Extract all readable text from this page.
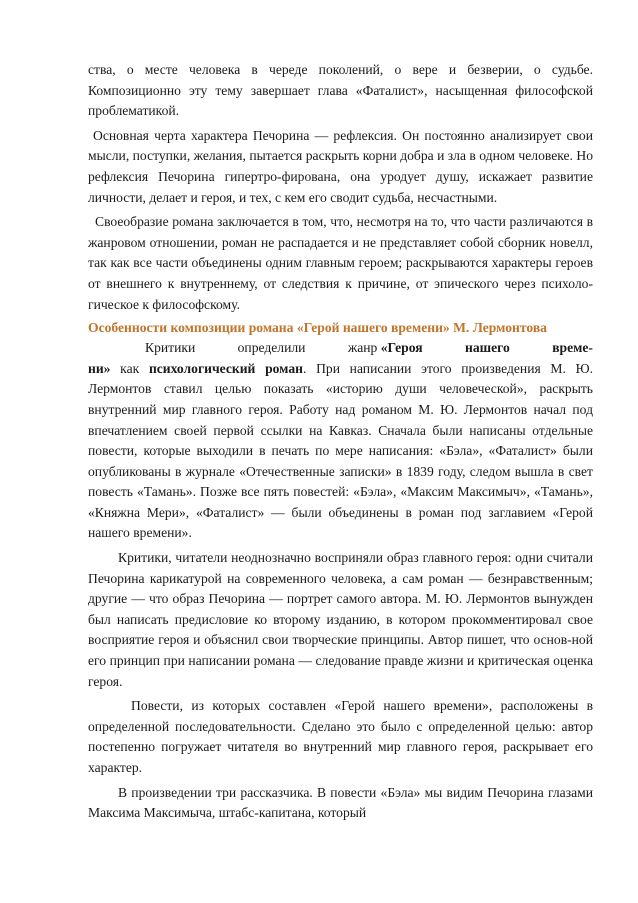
ства, о месте человека в череде поколений, о вере и безверии, о судьбе. Композиционно эту тему завершает глава «Фаталист», насыщенная философской проблематикой.

Основная черта характера Печорина — рефлексия. Он постоянно анализирует свои мысли, поступки, желания, пытается раскрыть корни добра и зла в одном человеке. Но рефлексия Печорина гипертро-фирована, она уродует душу, искажает развитие личности, делает и героя, и тех, с кем его сводит судьба, несчастными.

Своеобразие романа заключается в том, что, несмотря на то, что части различаются в жанровом отношении, роман не распадается и не представляет собой сборник новелл, так как все части объединены одним главным героем; раскрываются характеры героев от внешнего к внутреннему, от следствия к причине, от эпического через психоло-гическое к философскому.

Особенности композиции романа «Герой нашего времени» М. Лермонтова

Критики	определили	жанр «Героя	нашего	време-

ни» как психологический роман. При написании этого произведения М. Ю. Лермонтов ставил целью показать «историю души человеческой», раскрыть внутренний мир главного героя. Работу над романом М. Ю. Лермонтов начал под впечатлением своей первой ссылки на Кавказ. Сначала были написаны отдельные повести, которые выходили в печать по мере написания: «Бэла», «Фаталист» были опубликованы в журнале «Отечественные записки» в 1839 году, следом вышла в свет повесть «Тамань». Позже все пять повестей: «Бэла», «Максим Максимыч», «Тамань», «Княжна Мери», «Фаталист» — были объединены в роман под заглавием «Герой нашего времени».

Критики, читатели неоднозначно восприняли образ главного героя: одни считали Печорина карикатурой на современного человека, а сам роман — безнравственным; другие — что образ Печорина — портрет самого автора. М. Ю. Лермонтов вынужден был написать предисловие ко второму изданию, в котором прокомментировал свое восприятие героя и объяснил свои творческие принципы. Автор пишет, что основ-ной его принцип при написании романа — следование правде жизни и критическая оценка героя.

Повести, из которых составлен «Герой нашего времени», расположены в определенной последовательности. Сделано это было с определенной целью: автор постепенно погружает читателя во внутренний мир главного героя, раскрывает его характер.

В произведении три рассказчика. В повести «Бэла» мы видим Печорина глазами Максима Максимыча, штабс-капитана, который
